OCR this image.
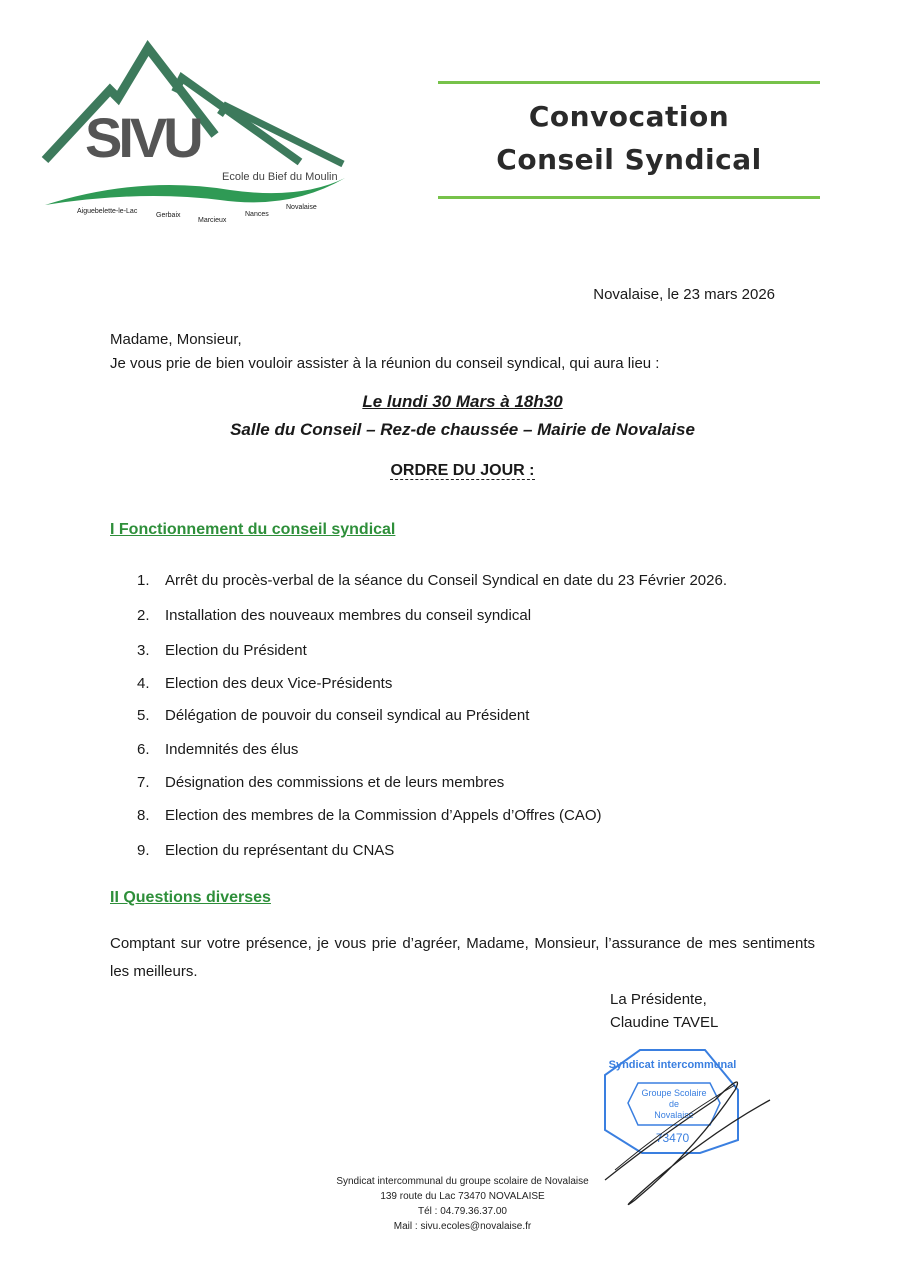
SIVU
Ecole du Bief du Moulin
Aiguebelette-le-Lac
Gerbaix
Marcieux
Nances
Novalaise
Convocation
Conseil Syndical
Novalaise, le 23 mars 2026
Madame, Monsieur,
Je vous prie de bien vouloir assister à la réunion du conseil syndical, qui aura lieu :
Le lundi 30 Mars à 18h30
Salle du Conseil – Rez-de chaussée – Mairie de Novalaise
ORDRE DU JOUR :
I Fonctionnement du conseil syndical
1. Arrêt du procès-verbal de la séance du Conseil Syndical en date du 23 Février 2026.
2. Installation des nouveaux membres du conseil syndical
3. Election du Président
4. Election des deux Vice-Présidents
5. Délégation de pouvoir du conseil syndical au Président
6. Indemnités des élus
7. Désignation des commissions et de leurs membres
8. Election des membres de la Commission d’Appels d’Offres (CAO)
9. Election du représentant du CNAS
II Questions diverses
Comptant sur votre présence, je vous prie d’agréer, Madame, Monsieur, l’assurance de mes sentiments les meilleurs.
La Présidente,
Claudine TAVEL
Syndicat intercommunal
Groupe Scolaire
de
Novalaise
73470
Syndicat intercommunal du groupe scolaire de Novalaise
139 route du Lac 73470 NOVALAISE
Tél : 04.79.36.37.00
Mail : sivu.ecoles@novalaise.fr
